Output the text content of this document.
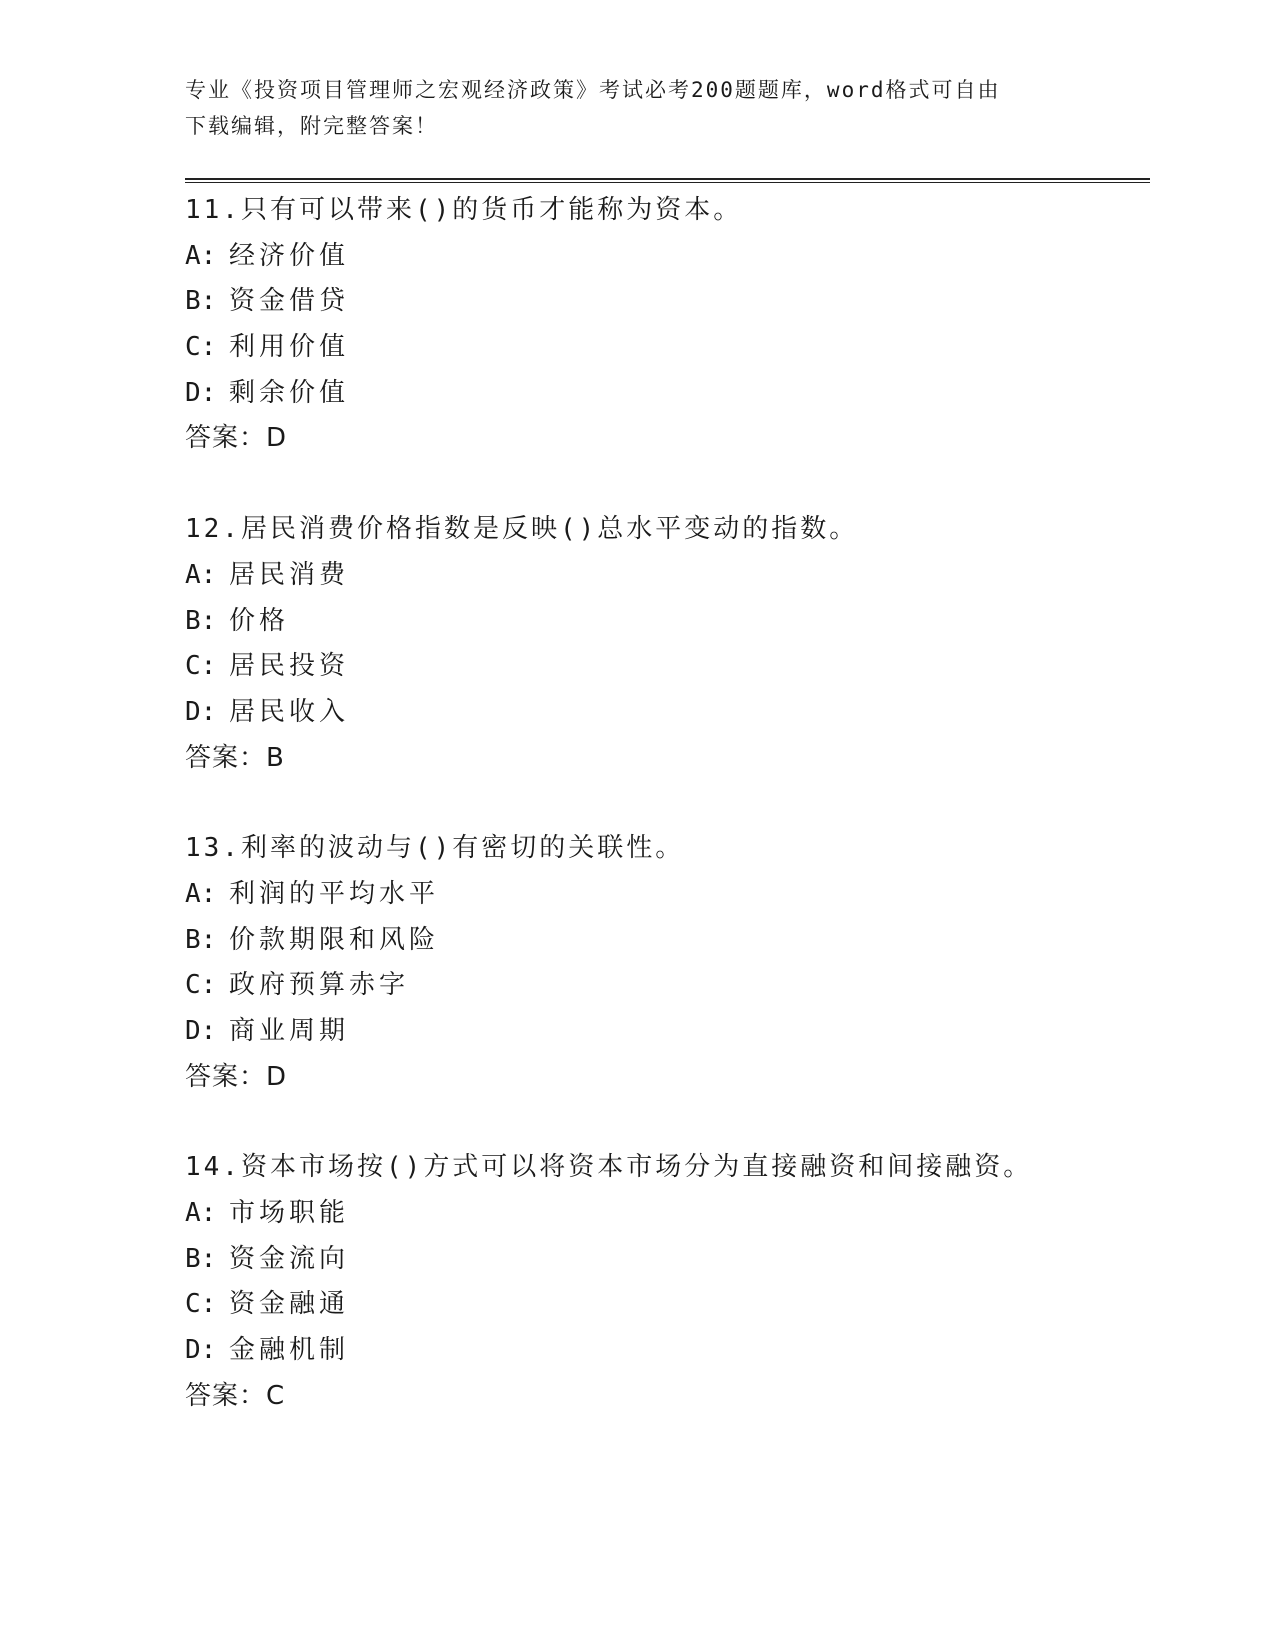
专业《投资项目管理师之宏观经济政策》考试必考200题题库，word格式可自由
下载编辑，附完整答案！
11.只有可以带来()的货币才能称为资本。
A: 经济价值
B: 资金借贷
C: 利用价值
D: 剩余价值
答案：D
12.居民消费价格指数是反映()总水平变动的指数。
A: 居民消费
B: 价格
C: 居民投资
D: 居民收入
答案：B
13.利率的波动与()有密切的关联性。
A: 利润的平均水平
B: 价款期限和风险
C: 政府预算赤字
D: 商业周期
答案：D
14.资本市场按()方式可以将资本市场分为直接融资和间接融资。
A: 市场职能
B: 资金流向
C: 资金融通
D: 金融机制
答案：C
